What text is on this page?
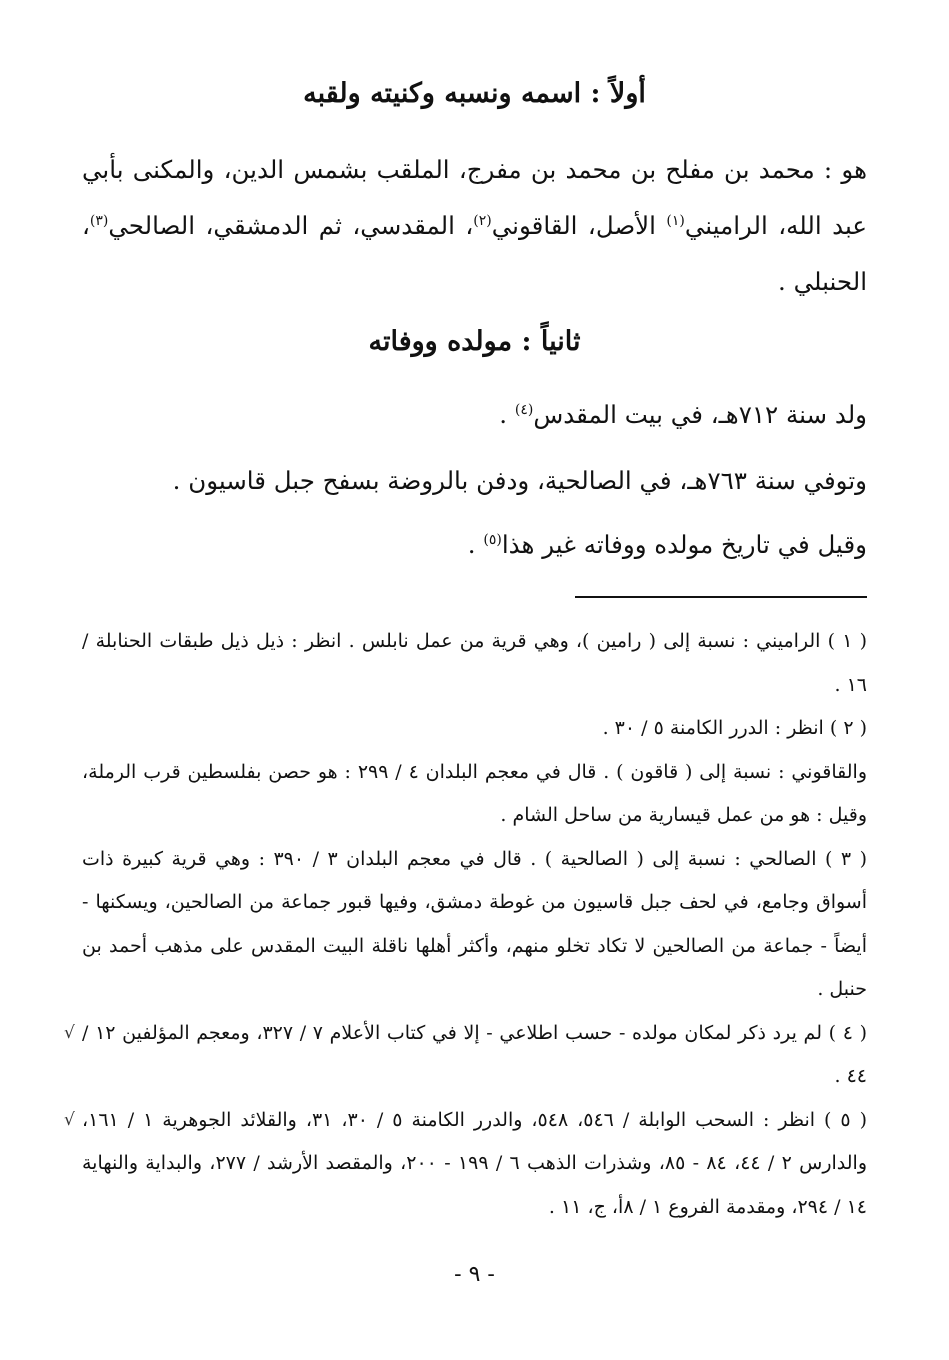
أولاً : اسمه ونسبه وكنيته ولقبه
هو : محمد بن مفلح بن محمد بن مفرج، الملقب بشمس الدين، والمكنى بأبي عبد الله، الراميني$^{(١)}$ الأصل، القاقوني$^{(٢)}$، المقدسي، ثم الدمشقي، الصالحي$^{(٣)}$، الحنبلي .
ثانياً : مولده ووفاته
ولد سنة ٧١٢هـ، في بيت المقدس$^{(٤)}$ .
وتوفي سنة ٧٦٣هـ، في الصالحية، ودفن بالروضة بسفح جبل قاسيون .
وقيل في تاريخ مولده ووفاته غير هذا$^{(٥)}$ .

( ١ ) الراميني : نسبة إلى ( رامين )، وهي قرية من عمل نابلس . انظر : ذيل ذيل طبقات الحنابلة / ١٦ .

( ٢ ) انظر : الدرر الكامنة ٥ / ٣٠ .

والقاقوني : نسبة إلى ( قاقون ) . قال في معجم البلدان ٤ / ٢٩٩ : هو حصن بفلسطين قرب الرملة، وقيل : هو من عمل قيسارية من ساحل الشام .

( ٣ ) الصالحي : نسبة إلى ( الصالحية ) . قال في معجم البلدان ٣ / ٣٩٠ : وهي قرية كبيرة ذات أسواق وجامع، في لحف جبل قاسيون من غوطة دمشق، وفيها قبور جماعة من الصالحين، ويسكنها - أيضاً - جماعة من الصالحين لا تكاد تخلو منهم، وأكثر أهلها ناقلة البيت المقدس على مذهب أحمد بن حنبل .

√	( ٤ ) لم يرد ذكر لمكان مولده - حسب اطلاعي - إلا في كتاب الأعلام ٧ / ٣٢٧، ومعجم المؤلفين ١٢ / ٤٤ .

√	( ٥ ) انظر : السحب الوابلة / ٥٤٦، ٥٤٨، والدرر الكامنة ٥ / ٣٠، ٣١، والقلائد الجوهرية ١ / ١٦١، والدارس ٢ / ٤٤، ٨٤ - ٨٥، وشذرات الذهب ٦ / ١٩٩ - ٢٠٠، والمقصد الأرشد / ٢٧٧، والبداية والنهاية ١٤ / ٢٩٤، ومقدمة الفروع ١ / ٨أ، ج، ١١ .

- ٩ -
